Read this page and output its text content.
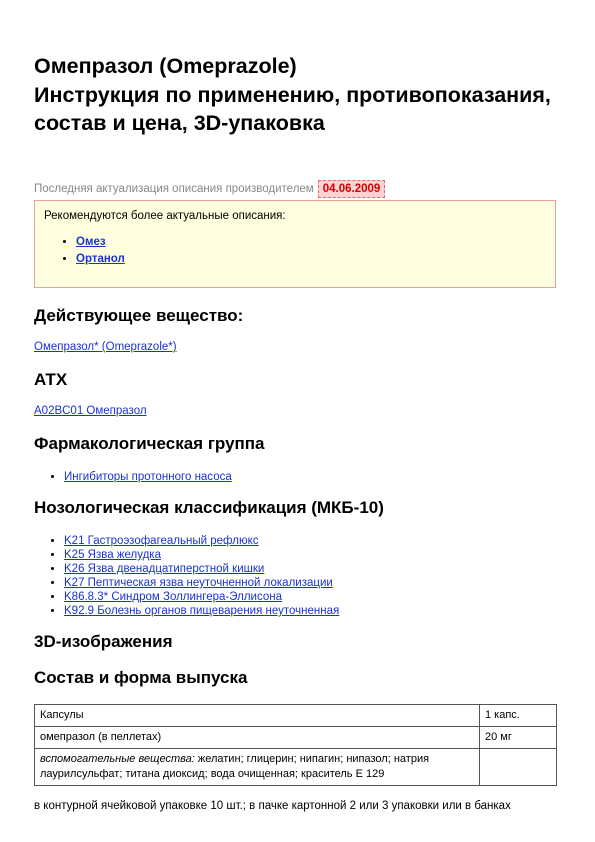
Омепразол (Omeprazole)
Инструкция по применению, противопоказания, состав и цена, 3D-упаковка
Последняя актуализация описания производителем 04.06.2009
Рекомендуются более актуальные описания:
• Омез
• Ортанол
Действующее вещество:
Омепразол* (Omeprazole*)
АТХ
A02BC01 Омепразол
Фармакологическая группа
• Ингибиторы протонного насоса
Нозологическая классификация (МКБ-10)
• K21 Гастроэзофагеальный рефлюкс
• K25 Язва желудка
• K26 Язва двенадцатиперстной кишки
• K27 Пептическая язва неуточненной локализации
• K86.8.3* Синдром Золлингера-Эллисона
• K92.9 Болезнь органов пищеварения неуточненная
3D-изображения
Состав и форма выпуска
Капсулы	1 капс.
омепразол (в пеллетах)	20 мг
вспомогательные вещества: желатин; глицерин; нипагин; нипазол; натрия лаурилсульфат; титана диоксид; вода очищенная; краситель Е 129	
в контурной ячейковой упаковке 10 шт.; в пачке картонной 2 или 3 упаковки или в банках
